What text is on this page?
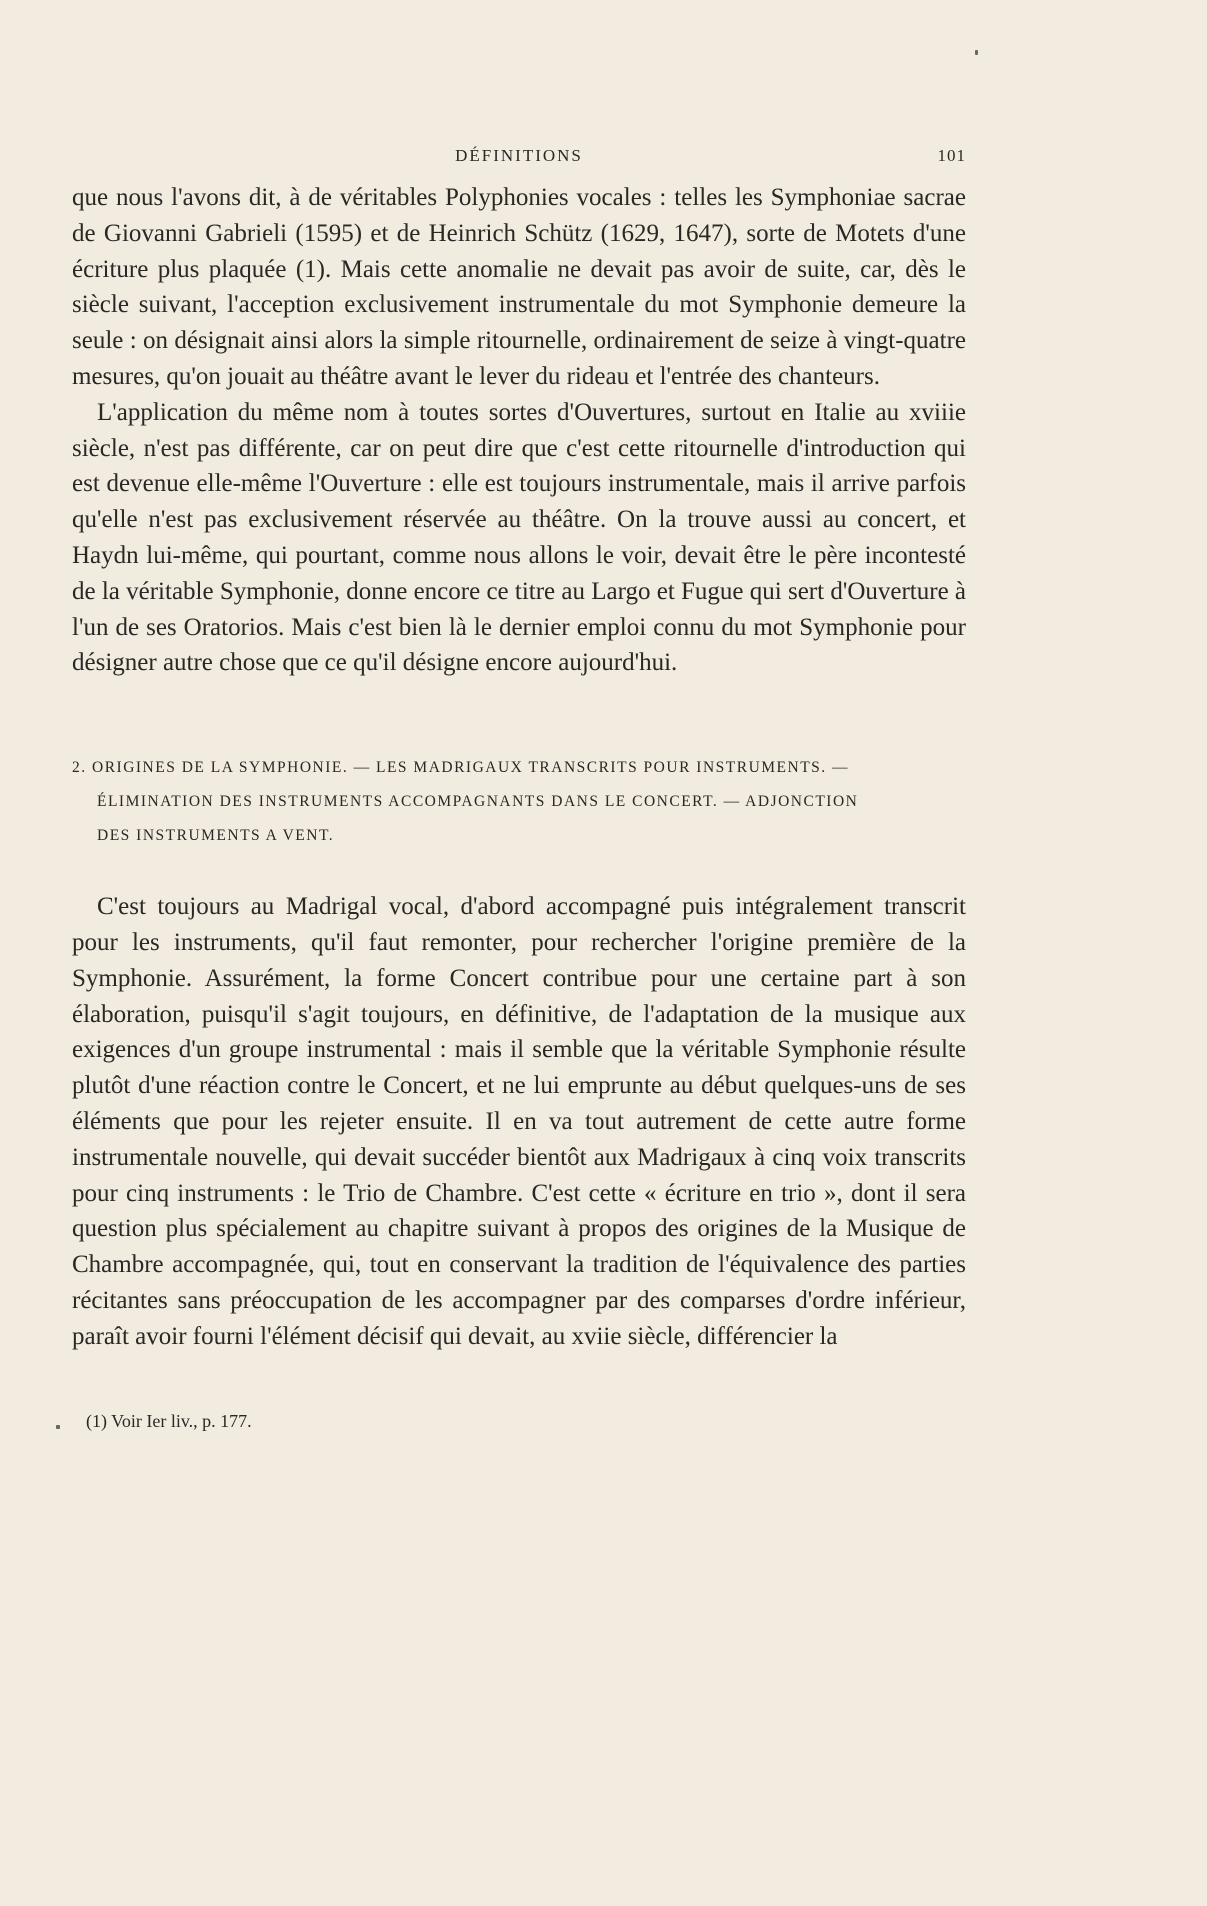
DÉFINITIONS	101

que nous l'avons dit, à de véritables Polyphonies vocales : telles les Symphoniae sacrae de Giovanni Gabrieli (1595) et de Heinrich Schütz (1629, 1647), sorte de Motets d'une écriture plus plaquée (1). Mais cette anomalie ne devait pas avoir de suite, car, dès le siècle suivant, l'acception exclusivement instrumentale du mot Symphonie demeure la seule : on désignait ainsi alors la simple ritournelle, ordinairement de seize à vingt-quatre mesures, qu'on jouait au théâtre avant le lever du rideau et l'entrée des chanteurs.

L'application du même nom à toutes sortes d'Ouvertures, surtout en Italie au xviiie siècle, n'est pas différente, car on peut dire que c'est cette ritournelle d'introduction qui est devenue elle-même l'Ouverture : elle est toujours instrumentale, mais il arrive parfois qu'elle n'est pas exclusivement réservée au théâtre. On la trouve aussi au concert, et Haydn lui-même, qui pourtant, comme nous allons le voir, devait être le père incontesté de la véritable Symphonie, donne encore ce titre au Largo et Fugue qui sert d'Ouverture à l'un de ses Oratorios. Mais c'est bien là le dernier emploi connu du mot Symphonie pour désigner autre chose que ce qu'il désigne encore aujourd'hui.

2. ORIGINES DE LA SYMPHONIE. — LES MADRIGAUX TRANSCRITS POUR INSTRUMENTS. —
ÉLIMINATION DES INSTRUMENTS ACCOMPAGNANTS DANS LE CONCERT. — ADJONCTION
DES INSTRUMENTS A VENT.

C'est toujours au Madrigal vocal, d'abord accompagné puis intégralement transcrit pour les instruments, qu'il faut remonter, pour rechercher l'origine première de la Symphonie. Assurément, la forme Concert contribue pour une certaine part à son élaboration, puisqu'il s'agit toujours, en définitive, de l'adaptation de la musique aux exigences d'un groupe instrumental : mais il semble que la véritable Symphonie résulte plutôt d'une réaction contre le Concert, et ne lui emprunte au début quelques-uns de ses éléments que pour les rejeter ensuite. Il en va tout autrement de cette autre forme instrumentale nouvelle, qui devait succéder bientôt aux Madrigaux à cinq voix transcrits pour cinq instruments : le Trio de Chambre. C'est cette « écriture en trio », dont il sera question plus spécialement au chapitre suivant à propos des origines de la Musique de Chambre accompagnée, qui, tout en conservant la tradition de l'équivalence des parties récitantes sans préoccupation de les accompagner par des comparses d'ordre inférieur, paraît avoir fourni l'élément décisif qui devait, au xviie siècle, différencier la

(1) Voir Ier liv., p. 177.
